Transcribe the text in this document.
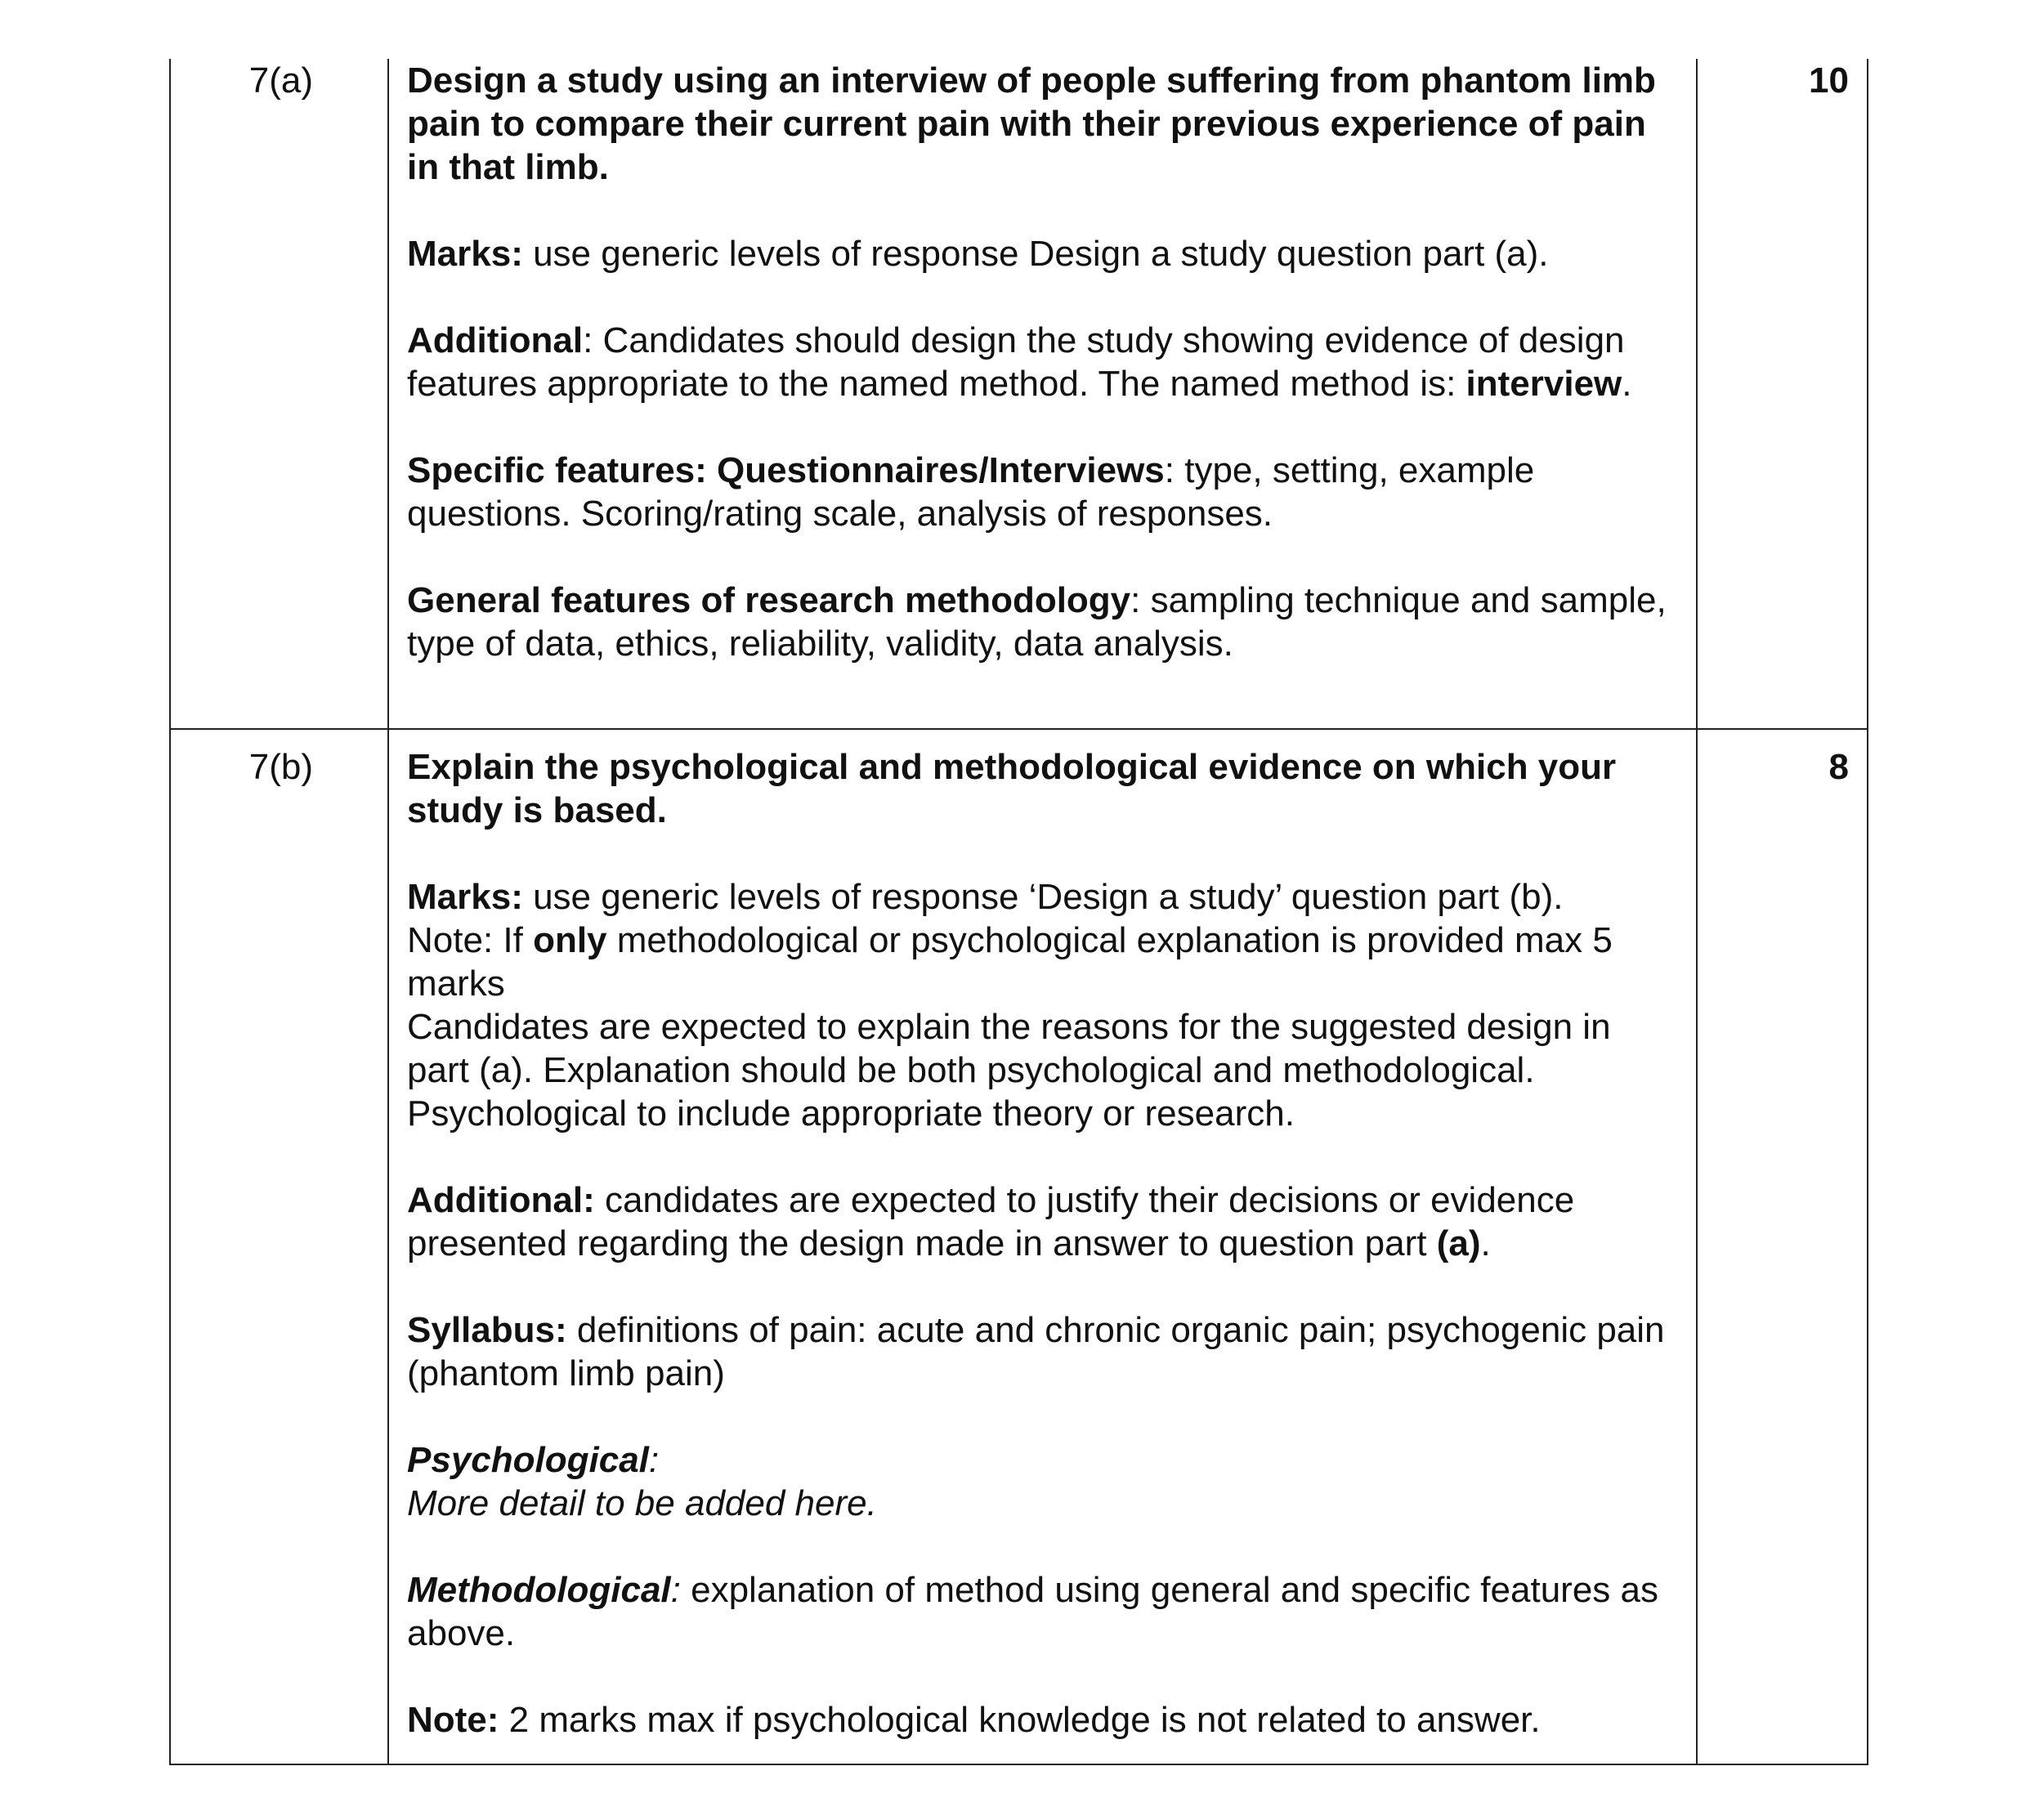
7(a)	Design a study using an interview of people suffering from phantom limb pain to compare their current pain with their previous experience of pain in that limb.

Marks: use generic levels of response Design a study question part (a).

Additional: Candidates should design the study showing evidence of design features appropriate to the named method. The named method is: interview.

Specific features: Questionnaires/Interviews: type, setting, example questions. Scoring/rating scale, analysis of responses.

General features of research methodology: sampling technique and sample, type of data, ethics, reliability, validity, data analysis.

10
7(b)	Explain the psychological and methodological evidence on which your study is based.

Marks: use generic levels of response ‘Design a study’ question part (b).
Note: If only methodological or psychological explanation is provided max 5 marks
Candidates are expected to explain the reasons for the suggested design in part (a). Explanation should be both psychological and methodological. Psychological to include appropriate theory or research.

Additional: candidates are expected to justify their decisions or evidence presented regarding the design made in answer to question part (a).

Syllabus: definitions of pain: acute and chronic organic pain; psychogenic pain (phantom limb pain)

Psychological:
More detail to be added here.

Methodological: explanation of method using general and specific features as above.

Note: 2 marks max if psychological knowledge is not related to answer.

8
